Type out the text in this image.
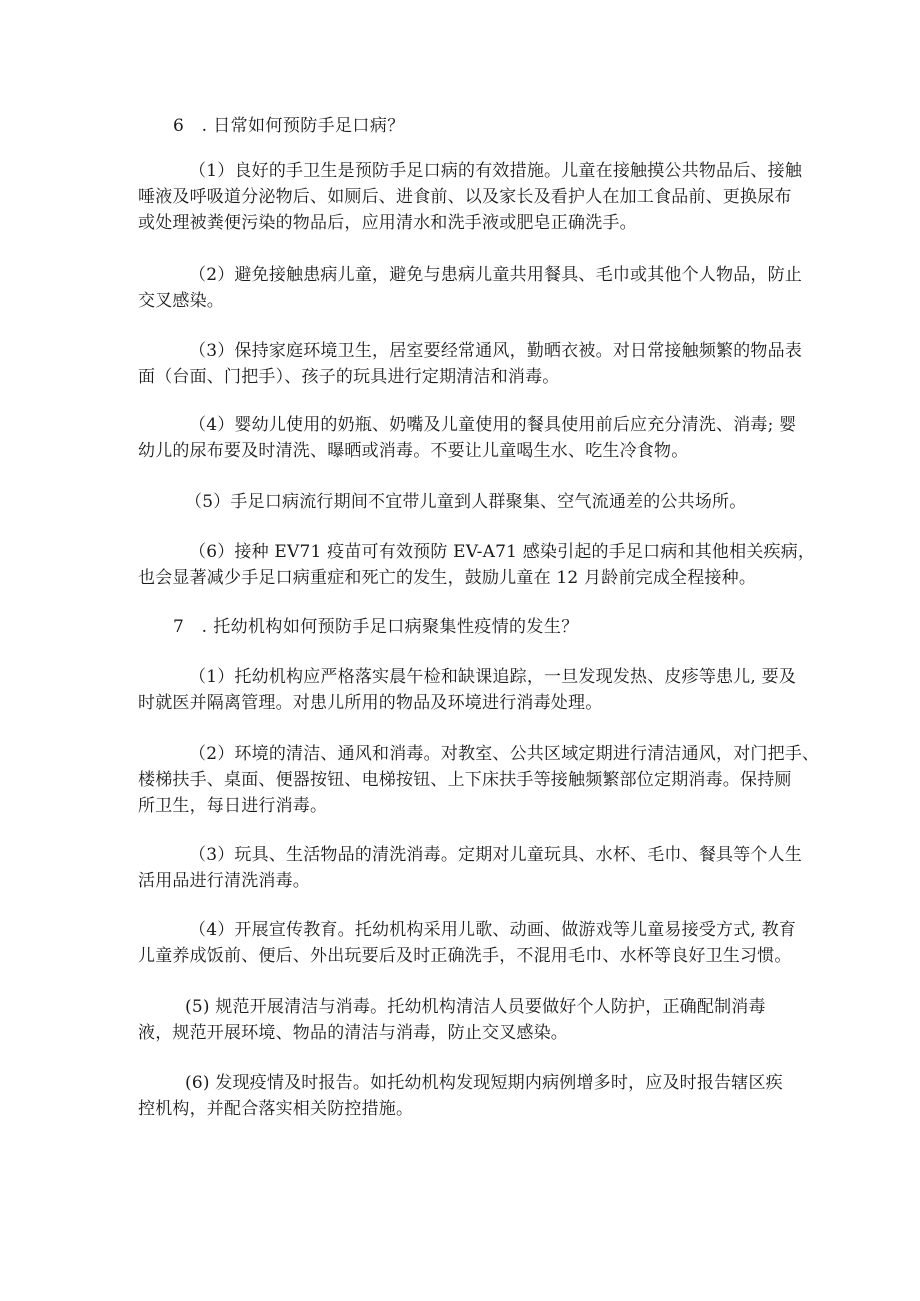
6　. 日常如何预防手足口病？
（1）良好的手卫生是预防手足口病的有效措施。儿童在接触摸公共物品后、接触
唾液及呼吸道分泌物后、如厕后、进食前、以及家长及看护人在加工食品前、更换尿布
或处理被粪便污染的物品后，应用清水和洗手液或肥皂正确洗手。
（2）避免接触患病儿童，避免与患病儿童共用餐具、毛巾或其他个人物品，防止
交叉感染。
（3）保持家庭环境卫生，居室要经常通风，勤晒衣被。对日常接触频繁的物品表
面（台面、门把手）、孩子的玩具进行定期清洁和消毒。
（4）婴幼儿使用的奶瓶、奶嘴及儿童使用的餐具使用前后应充分清洗、消毒; 婴
幼儿的尿布要及时清洗、曝晒或消毒。不要让儿童喝生水、吃生冷食物。
（5）手足口病流行期间不宜带儿童到人群聚集、空气流通差的公共场所。
（6）接种 EV71 疫苗可有效预防 EV-A71 感染引起的手足口病和其他相关疾病，
也会显著减少手足口病重症和死亡的发生，鼓励儿童在 12 月龄前完成全程接种。
7　. 托幼机构如何预防手足口病聚集性疫情的发生？
（1）托幼机构应严格落实晨午检和缺课追踪，一旦发现发热、皮疹等患儿, 要及
时就医并隔离管理。对患儿所用的物品及环境进行消毒处理。
（2）环境的清洁、通风和消毒。对教室、公共区域定期进行清洁通风，对门把手、
楼梯扶手、桌面、便器按钮、电梯按钮、上下床扶手等接触频繁部位定期消毒。保持厕
所卫生，每日进行消毒。
（3）玩具、生活物品的清洗消毒。定期对儿童玩具、水杯、毛巾、餐具等个人生
活用品进行清洗消毒。
（4）开展宣传教育。托幼机构采用儿歌、动画、做游戏等儿童易接受方式, 教育
儿童养成饭前、便后、外出玩要后及时正确洗手，不混用毛巾、水杯等良好卫生习惯。
(5) 规范开展清洁与消毒。托幼机构清洁人员要做好个人防护，正确配制消毒
液，规范开展环境、物品的清洁与消毒，防止交叉感染。
(6) 发现疫情及时报告。如托幼机构发现短期内病例增多时，应及时报告辖区疾
控机构，并配合落实相关防控措施。
